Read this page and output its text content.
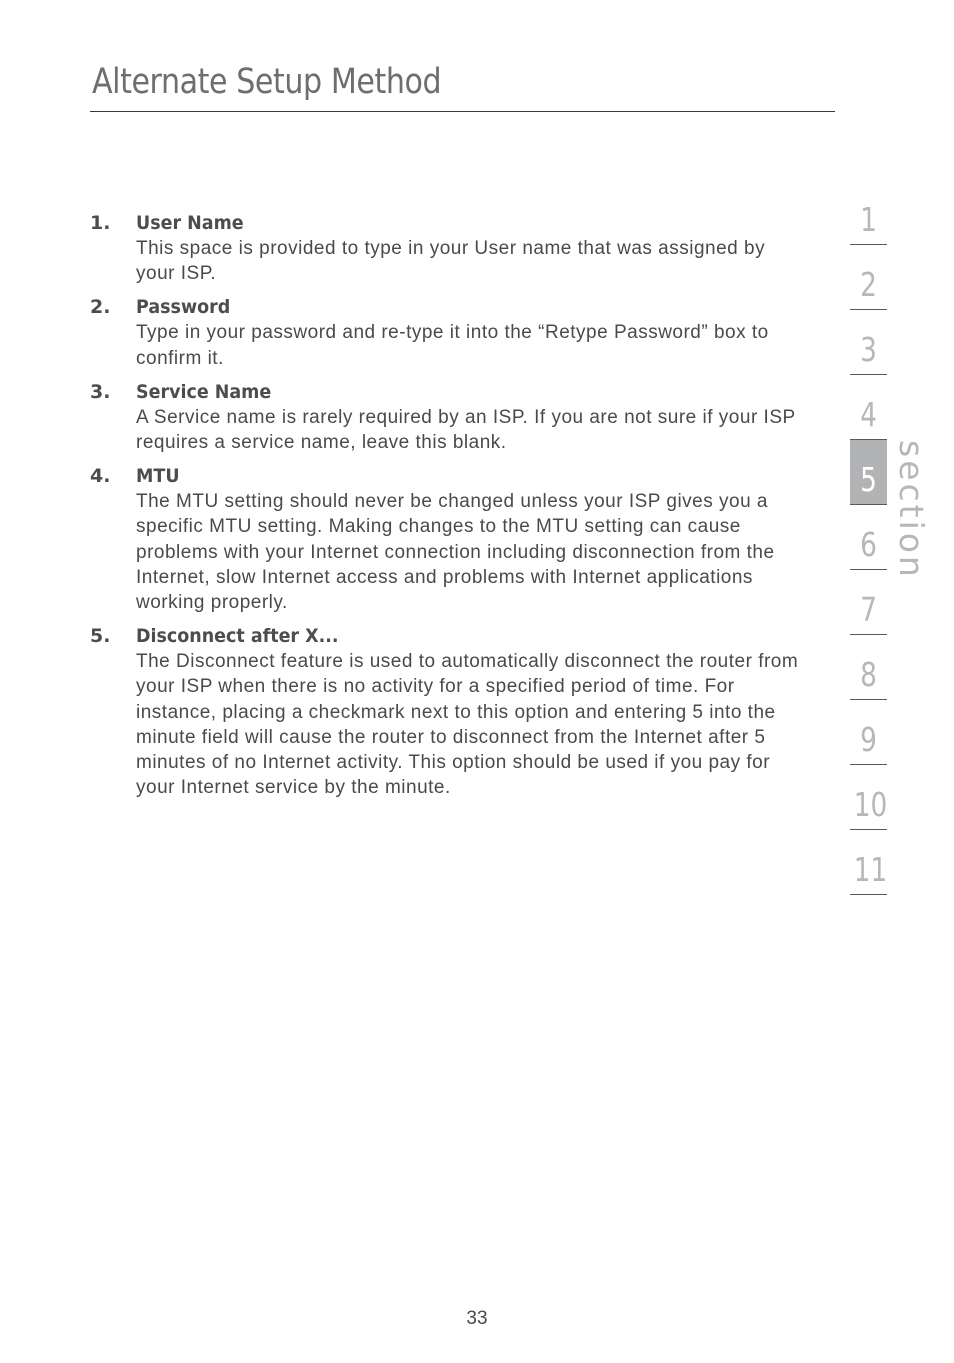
Alternate Setup Method
1. User Name
This space is provided to type in your User name that was assigned by your ISP.
2. Password
Type in your password and re-type it into the “Retype Password” box to confirm it.
3. Service Name
A Service name is rarely required by an ISP. If you are not sure if your ISP requires a service name, leave this blank.
4. MTU
The MTU setting should never be changed unless your ISP gives you a specific MTU setting. Making changes to the MTU setting can cause problems with your Internet connection including disconnection from the Internet, slow Internet access and problems with Internet applications working properly.
5. Disconnect after X...
The Disconnect feature is used to automatically disconnect the router from your ISP when there is no activity for a specified period of time. For instance, placing a checkmark next to this option and entering 5 into the minute field will cause the router to disconnect from the Internet after 5 minutes of no Internet activity. This option should be used if you pay for your Internet service by the minute.
1
2
3
4
5
6
7
8
9
10
11
section
33
